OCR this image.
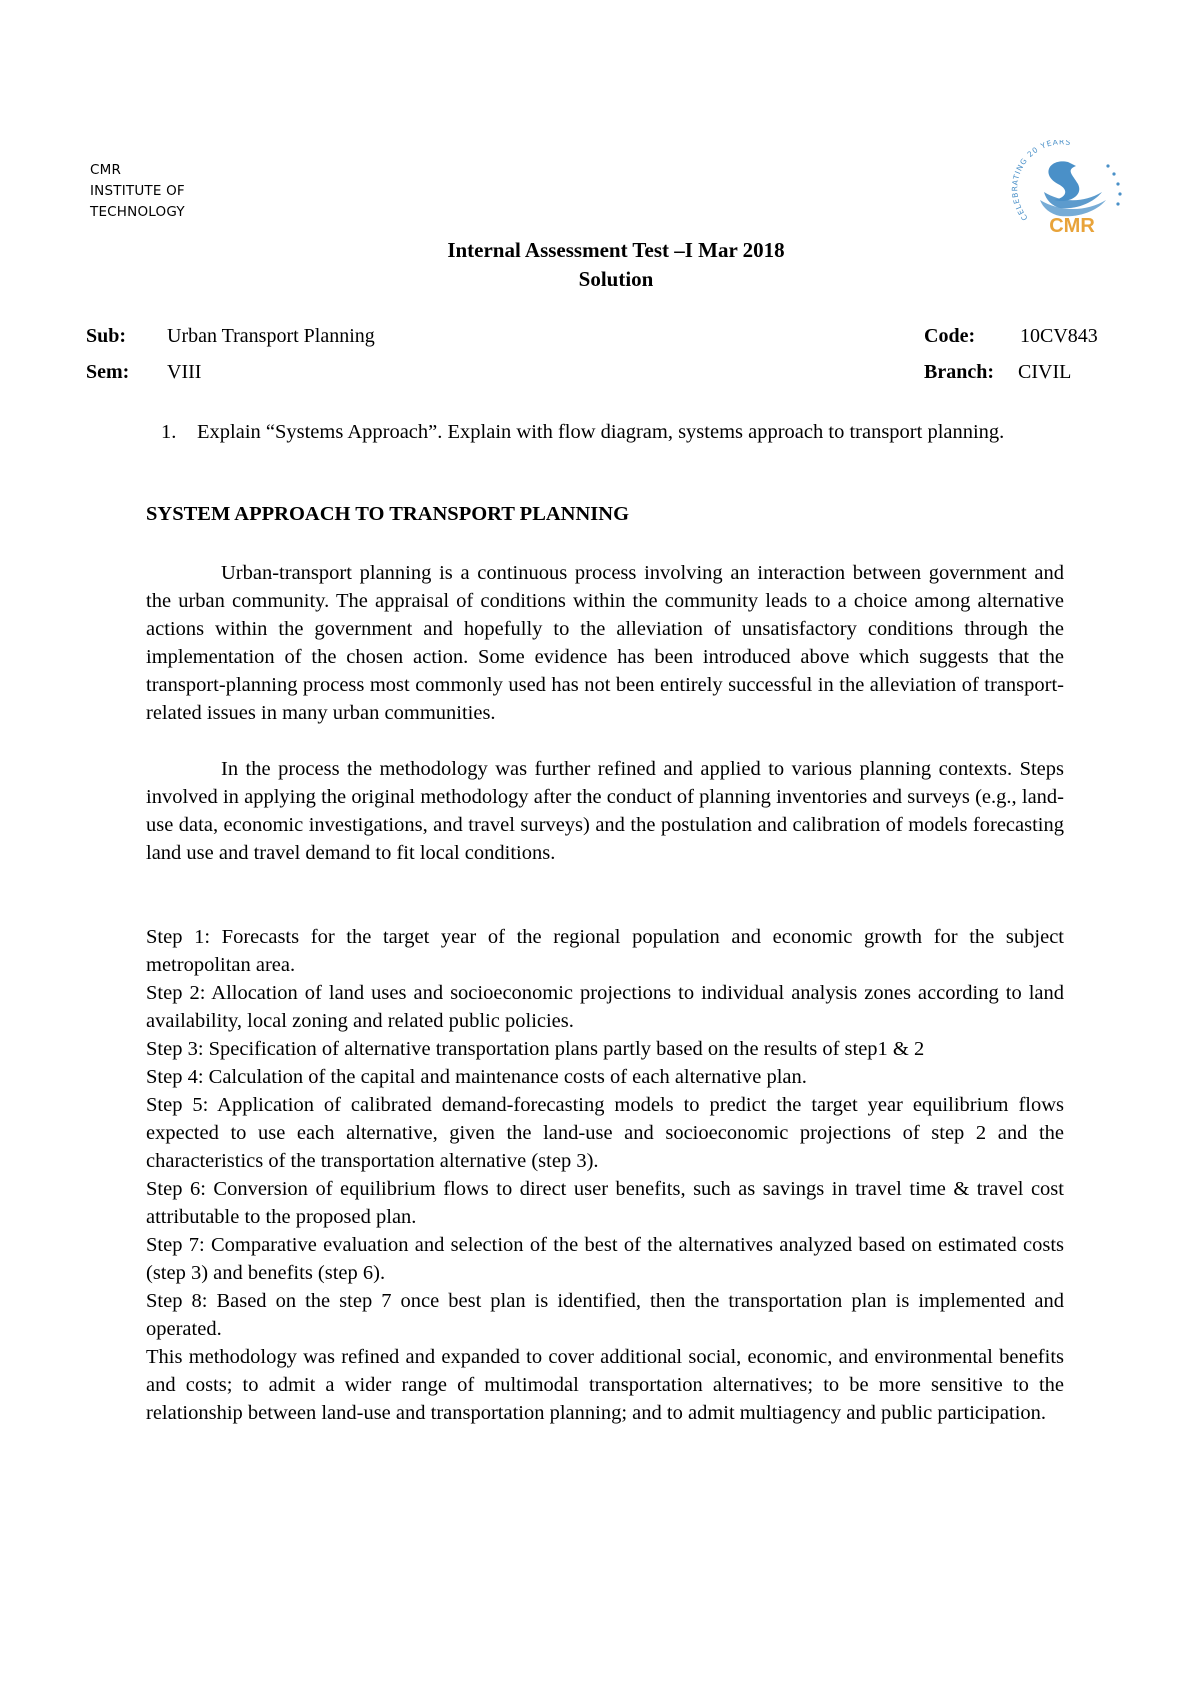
CMR
INSTITUTE OF
TECHNOLOGY	CELEBRATING 20 YEARS
CMR
Internal Assessment Test –I Mar 2018
Solution
Sub: Urban Transport Planning	Code: 10CV843
Sem: VIII	Branch: CIVIL
1. Explain “Systems Approach”. Explain with flow diagram, systems approach to transport planning.
SYSTEM APPROACH TO TRANSPORT PLANNING
Urban-transport planning is a continuous process involving an interaction between government and the urban community. The appraisal of conditions within the community leads to a choice among alternative actions within the government and hopefully to the alleviation of unsatisfactory conditions through the implementation of the chosen action. Some evidence has been introduced above which suggests that the transport-planning process most commonly used has not been entirely successful in the alleviation of transport-related issues in many urban communities.
In the process the methodology was further refined and applied to various planning contexts. Steps involved in applying the original methodology after the conduct of planning inventories and surveys (e.g., land-use data, economic investigations, and travel surveys) and the postulation and calibration of models forecasting land use and travel demand to fit local conditions.
Step 1: Forecasts for the target year of the regional population and economic growth for the subject metropolitan area.
Step 2: Allocation of land uses and socioeconomic projections to individual analysis zones according to land availability, local zoning and related public policies.
Step 3: Specification of alternative transportation plans partly based on the results of step1 & 2
Step 4: Calculation of the capital and maintenance costs of each alternative plan.
Step 5: Application of calibrated demand-forecasting models to predict the target year equilibrium flows expected to use each alternative, given the land-use and socioeconomic projections of step 2 and the characteristics of the transportation alternative (step 3).
Step 6: Conversion of equilibrium flows to direct user benefits, such as savings in travel time & travel cost attributable to the proposed plan.
Step 7: Comparative evaluation and selection of the best of the alternatives analyzed based on estimated costs (step 3) and benefits (step 6).
Step 8: Based on the step 7 once best plan is identified, then the transportation plan is implemented and operated.
This methodology was refined and expanded to cover additional social, economic, and environmental benefits and costs; to admit a wider range of multimodal transportation alternatives; to be more sensitive to the relationship between land-use and transportation planning; and to admit multiagency and public participation.
